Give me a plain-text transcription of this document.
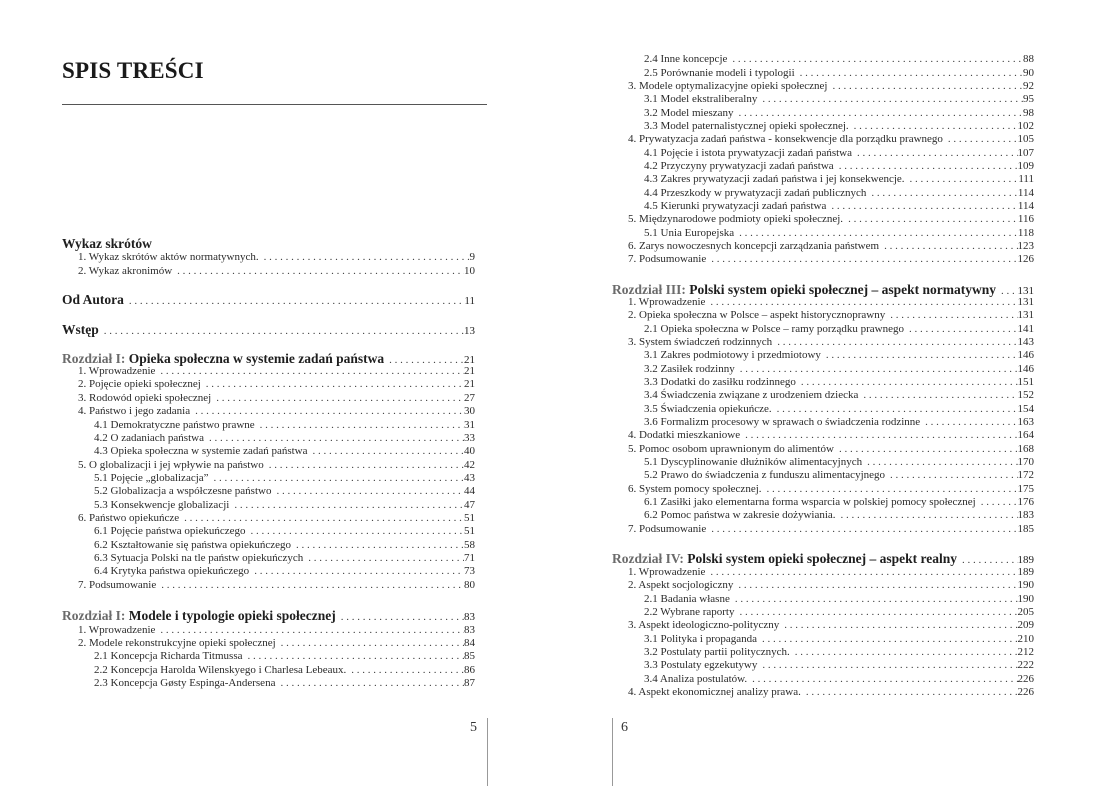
SPIS TREŚCI
Wykaz skrótów
1. Wykaz skrótów aktów normatywnych. . . .	9
2. Wykaz akronimów . . .	10
Od Autora . . .	11
Wstęp . . .	13
Rozdział I: Opieka społeczna w systemie zadań państwa . . .	21
1. Wprowadzenie . . .	21
2. Pojęcie opieki społecznej . . .	21
3. Rodowód opieki społecznej . . .	27
4. Państwo i jego zadania . . .	30
4.1 Demokratyczne państwo prawne . . .	31
4.2 O zadaniach państwa . . .	33
4.3 Opieka społeczna w systemie zadań państwa . . .	40
5. O globalizacji i jej wpływie na państwo . . .	42
5.1 Pojęcie „globalizacja” . . .	43
5.2 Globalizacja a współczesne państwo . . .	44
5.3 Konsekwencje globalizacji . . .	47
6. Państwo opiekuńcze . . .	51
6.1 Pojęcie państwa opiekuńczego . . .	51
6.2 Kształtowanie się państwa opiekuńczego . . .	58
6.3 Sytuacja Polski na tle państw opiekuńczych . . .	71
6.4 Krytyka państwa opiekuńczego . . .	73
7. Podsumowanie . . .	80
Rozdział I: Modele i typologie opieki społecznej . . .	83
1. Wprowadzenie . . .	83
2. Modele rekonstrukcyjne opieki społecznej . . .	84
2.1 Koncepcja Richarda Titmussa . . .	85
2.2 Koncepcja Harolda Wilenskyego i Charlesa Lebeaux. . . .	86
2.3 Koncepcja Gøsty Espinga-Andersena . . .	87
2.4 Inne koncepcje . . .	88
2.5 Porównanie modeli i typologii . . .	90
3. Modele optymalizacyjne opieki społecznej . . .	92
3.1 Model ekstraliberalny . . .	95
3.2 Model mieszany . . .	98
3.3 Model paternalistycznej opieki społecznej. . . .	102
4. Prywatyzacja zadań państwa - konsekwencje dla porządku prawnego . . .	105
4.1 Pojęcie i istota prywatyzacji zadań państwa . . .	107
4.2 Przyczyny prywatyzacji zadań państwa . . .	109
4.3 Zakres prywatyzacji zadań państwa i jej konsekwencje. . . .	111
4.4 Przeszkody w prywatyzacji zadań publicznych . . .	114
4.5 Kierunki prywatyzacji zadań państwa . . .	114
5. Międzynarodowe podmioty opieki społecznej. . . .	116
5.1 Unia Europejska . . .	118
6. Zarys nowoczesnych koncepcji zarządzania państwem . . .	123
7. Podsumowanie . . .	126
Rozdział III: Polski system opieki społecznej – aspekt normatywny . . . 131
1. Wprowadzenie . . .	131
2. Opieka społeczna w Polsce – aspekt historycznoprawny . . .	131
2.1 Opieka społeczna w Polsce – ramy porządku prawnego . . .	141
3. System świadczeń rodzinnych . . .	143
3.1 Zakres podmiotowy i przedmiotowy . . .	146
3.2 Zasiłek rodzinny . . .	146
3.3 Dodatki do zasiłku rodzinnego . . .	151
3.4 Świadczenia związane z urodzeniem dziecka . . .	152
3.5 Świadczenia opiekuńcze. . . .	154
3.6 Formalizm procesowy w sprawach o świadczenia rodzinne . . .	163
4. Dodatki mieszkaniowe . . .	164
5. Pomoc osobom uprawnionym do alimentów . . .	168
5.1 Dyscyplinowanie dłużników alimentacyjnych . . .	170
5.2 Prawo do świadczenia z funduszu alimentacyjnego . . .	172
6. System pomocy społecznej. . . .	175
6.1 Zasiłki jako elementarna forma wsparcia w polskiej pomocy społecznej . . .	176
6.2 Pomoc państwa w zakresie dożywiania. . . .	183
7. Podsumowanie . . .	185
Rozdział IV: Polski system opieki społecznej – aspekt realny . . .	189
1. Wprowadzenie . . .	189
2. Aspekt socjologiczny . . .	190
2.1 Badania własne . . .	190
2.2 Wybrane raporty . . .	205
3. Aspekt ideologiczno-polityczny . . .	209
3.1 Polityka i propaganda . . .	210
3.2 Postulaty partii politycznych. . . .	212
3.3 Postulaty egzekutywy . . .	222
3.4 Analiza postulatów. . . .	226
4. Aspekt ekonomicznej analizy prawa. . . .	226
5	6
